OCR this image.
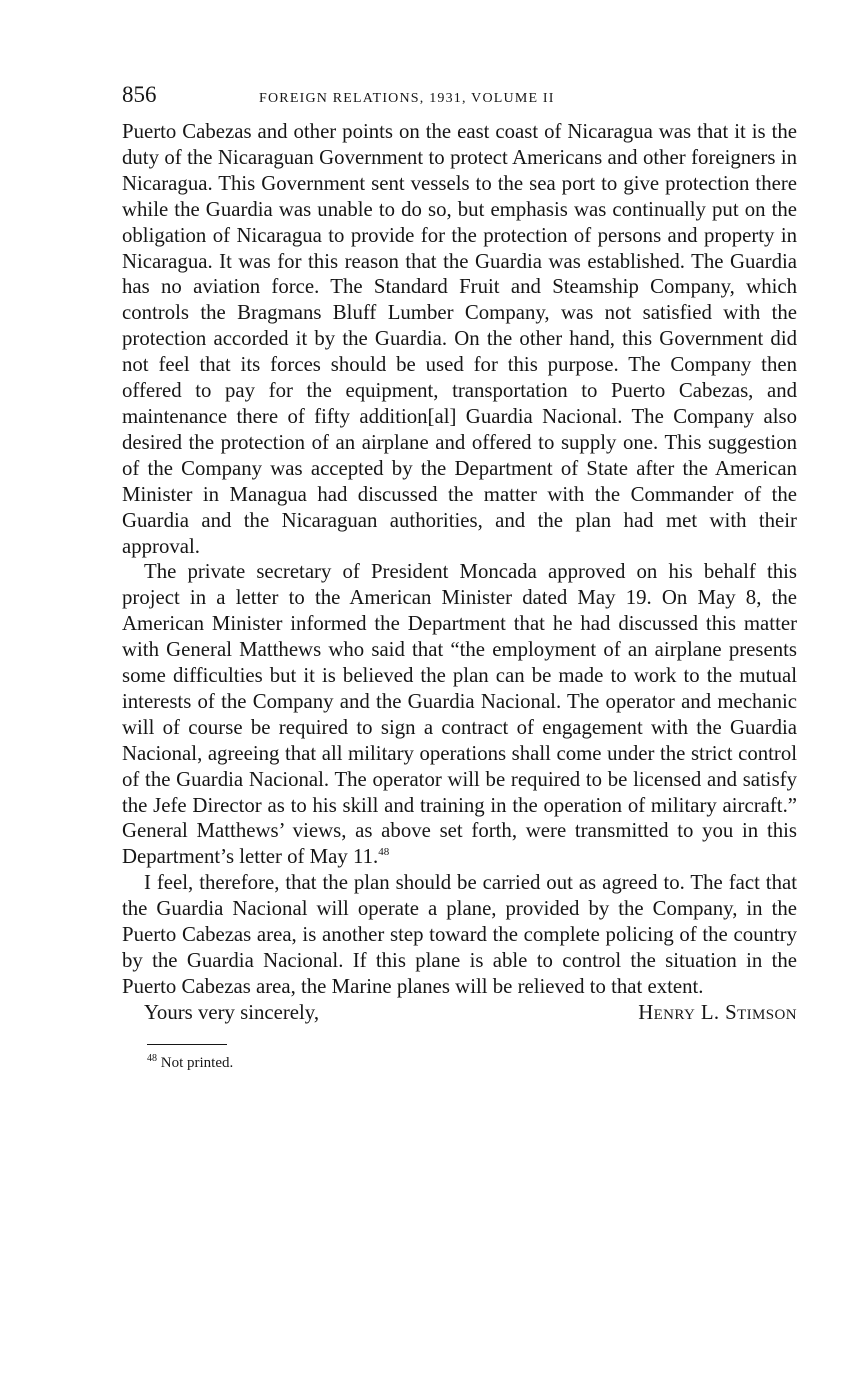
856	FOREIGN RELATIONS, 1931, VOLUME II

Puerto Cabezas and other points on the east coast of Nicaragua was that it is the duty of the Nicaraguan Government to protect Americans and other foreigners in Nicaragua. This Government sent vessels to the sea port to give protection there while the Guardia was unable to do so, but emphasis was continually put on the obligation of Nicaragua to provide for the protection of persons and property in Nicaragua. It was for this reason that the Guardia was established. The Guardia has no aviation force. The Standard Fruit and Steamship Company, which controls the Bragmans Bluff Lumber Company, was not satisfied with the protection accorded it by the Guardia. On the other hand, this Government did not feel that its forces should be used for this purpose. The Company then offered to pay for the equipment, transportation to Puerto Cabezas, and maintenance there of fifty addition[al] Guardia Nacional. The Company also desired the protection of an airplane and offered to supply one. This suggestion of the Company was accepted by the Department of State after the American Minister in Managua had discussed the matter with the Commander of the Guardia and the Nicaraguan authorities, and the plan had met with their approval.

The private secretary of President Moncada approved on his behalf this project in a letter to the American Minister dated May 19. On May 8, the American Minister informed the Department that he had discussed this matter with General Matthews who said that “the employment of an airplane presents some difficulties but it is believed the plan can be made to work to the mutual interests of the Company and the Guardia Nacional. The operator and mechanic will of course be required to sign a contract of engagement with the Guardia Nacional, agreeing that all military operations shall come under the strict control of the Guardia Nacional. The operator will be required to be licensed and satisfy the Jefe Director as to his skill and training in the operation of military aircraft.” General Matthews’ views, as above set forth, were transmitted to you in this Department’s letter of May 11.48

I feel, therefore, that the plan should be carried out as agreed to. The fact that the Guardia Nacional will operate a plane, provided by the Company, in the Puerto Cabezas area, is another step toward the complete policing of the country by the Guardia Nacional. If this plane is able to control the situation in the Puerto Cabezas area, the Marine planes will be relieved to that extent.

Yours very sincerely,	Henry L. Stimson
$^{48}$ Not printed.
